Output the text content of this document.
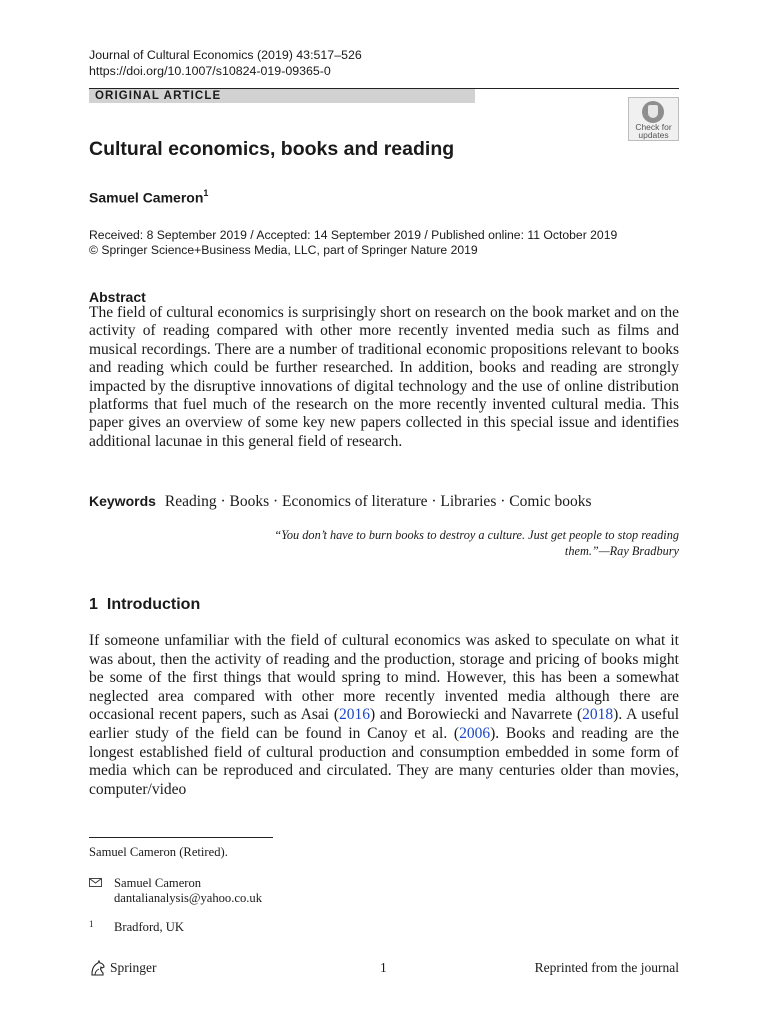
Journal of Cultural Economics (2019) 43:517–526
https://doi.org/10.1007/s10824-019-09365-0
ORIGINAL ARTICLE
Check for
updates
Cultural economics, books and reading
Samuel Cameron$^1$
Received: 8 September 2019 / Accepted: 14 September 2019 / Published online: 11 October 2019
© Springer Science+Business Media, LLC, part of Springer Nature 2019
Abstract

The field of cultural economics is surprisingly short on research on the book market and on the activity of reading compared with other more recently invented media such as films and musical recordings. There are a number of traditional economic propositions relevant to books and reading which could be further researched. In addition, books and reading are strongly impacted by the disruptive innovations of digital technology and the use of online distribution platforms that fuel much of the research on the more recently invented cultural media. This paper gives an overview of some key new papers collected in this special issue and identifies additional lacunae in this general field of research.

Keywords Reading · Books · Economics of literature · Libraries · Comic books

“You don’t have to burn books to destroy a culture. Just get people to stop reading
them.”—Ray Bradbury

1 Introduction

If someone unfamiliar with the field of cultural economics was asked to speculate on what it was about, then the activity of reading and the production, storage and pricing of books might be some of the first things that would spring to mind. However, this has been a somewhat neglected area compared with other more recently invented media although there are occasional recent papers, such as Asai (2016) and Borowiecki and Navarrete (2018). A useful earlier study of the field can be found in Canoy et al. (2006). Books and reading are the longest established field of cultural production and consumption embedded in some form of media which can be reproduced and circulated. They are many centuries older than movies, computer/video

Samuel Cameron (Retired).
Samuel Cameron
dantalianalysis@yahoo.co.uk
1 Bradford, UK
Springer	1	Reprinted from the journal
